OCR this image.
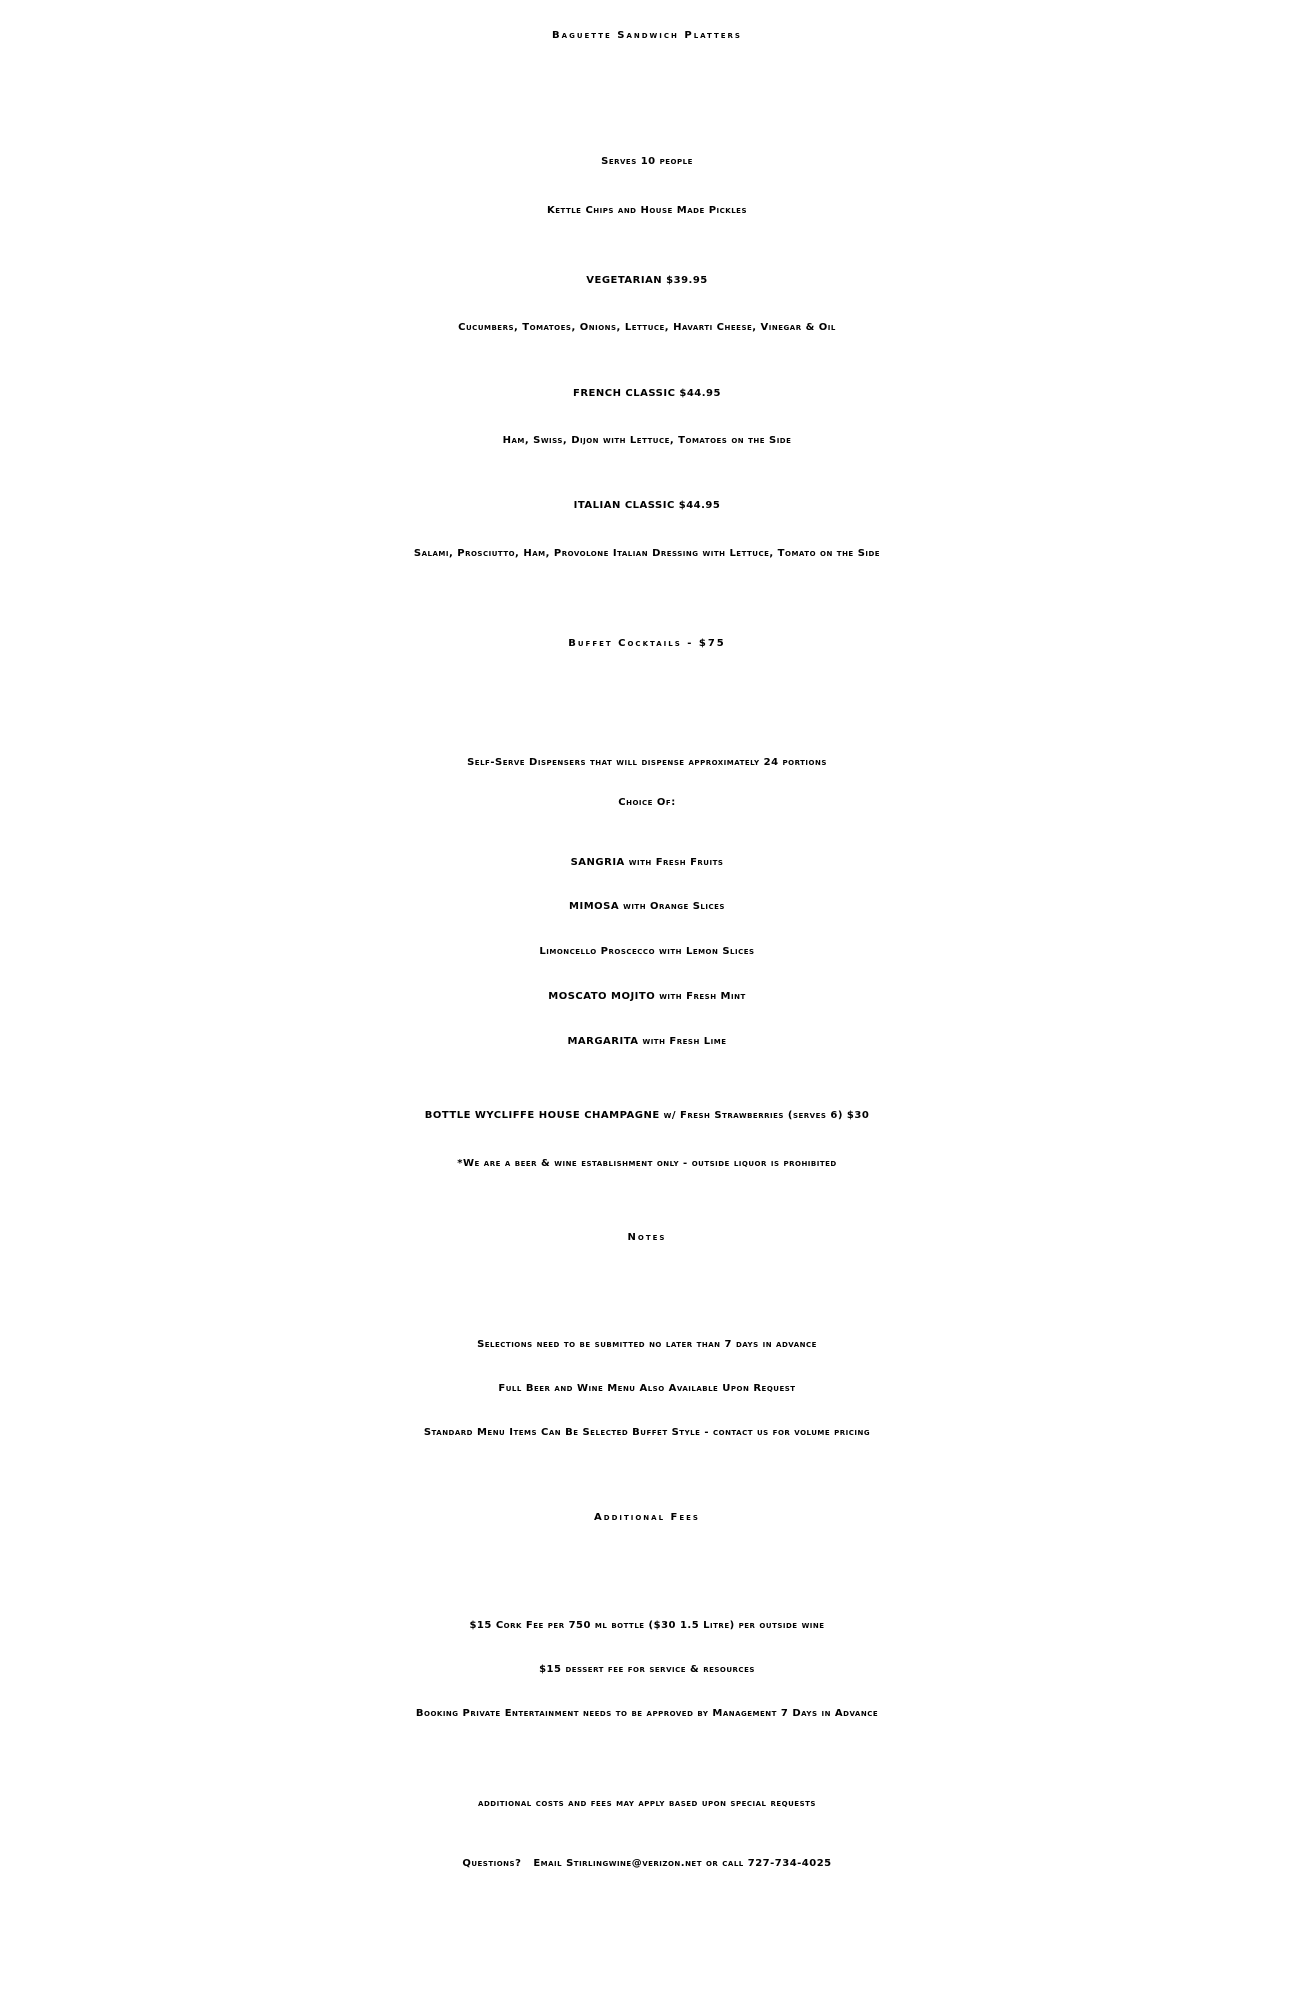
Baguette Sandwich Platters
Serves 10 people
Kettle Chips and House Made Pickles
VEGETARIAN $39.95
Cucumbers, Tomatoes, Onions, Lettuce, Havarti Cheese, Vinegar & Oil
FRENCH CLASSIC $44.95
Ham, Swiss, Dijon with Lettuce, Tomatoes on the Side
ITALIAN CLASSIC $44.95
Salami, Prosciutto, Ham, Provolone Italian Dressing with Lettuce, Tomato on the Side
Buffet Cocktails - $75
Self-Serve Dispensers that will dispense approximately 24 portions
Choice Of:
SANGRIA with Fresh Fruits
MIMOSA with Orange Slices
Limoncello Proscecco with Lemon Slices
MOSCATO MOJITO with Fresh Mint
MARGARITA with Fresh Lime
BOTTLE WYCLIFFE HOUSE CHAMPAGNE w/ Fresh Strawberries (serves 6) $30
*We are a beer & wine establishment only - outside liquor is prohibited
Notes
Selections need to be submitted no later than 7 days in advance
Full Beer and Wine Menu Also Available Upon Request
Standard Menu Items Can Be Selected Buffet Style - contact us for volume pricing
Additional Fees
$15 Cork Fee per 750 ml bottle ($30 1.5 Litre) per outside wine
$15 dessert fee for service & resources
Booking Private Entertainment needs to be approved by Management 7 Days in Advance
additional costs and fees may apply based upon special requests
Questions?   Email Stirlingwine@verizon.net or call 727-734-4025
